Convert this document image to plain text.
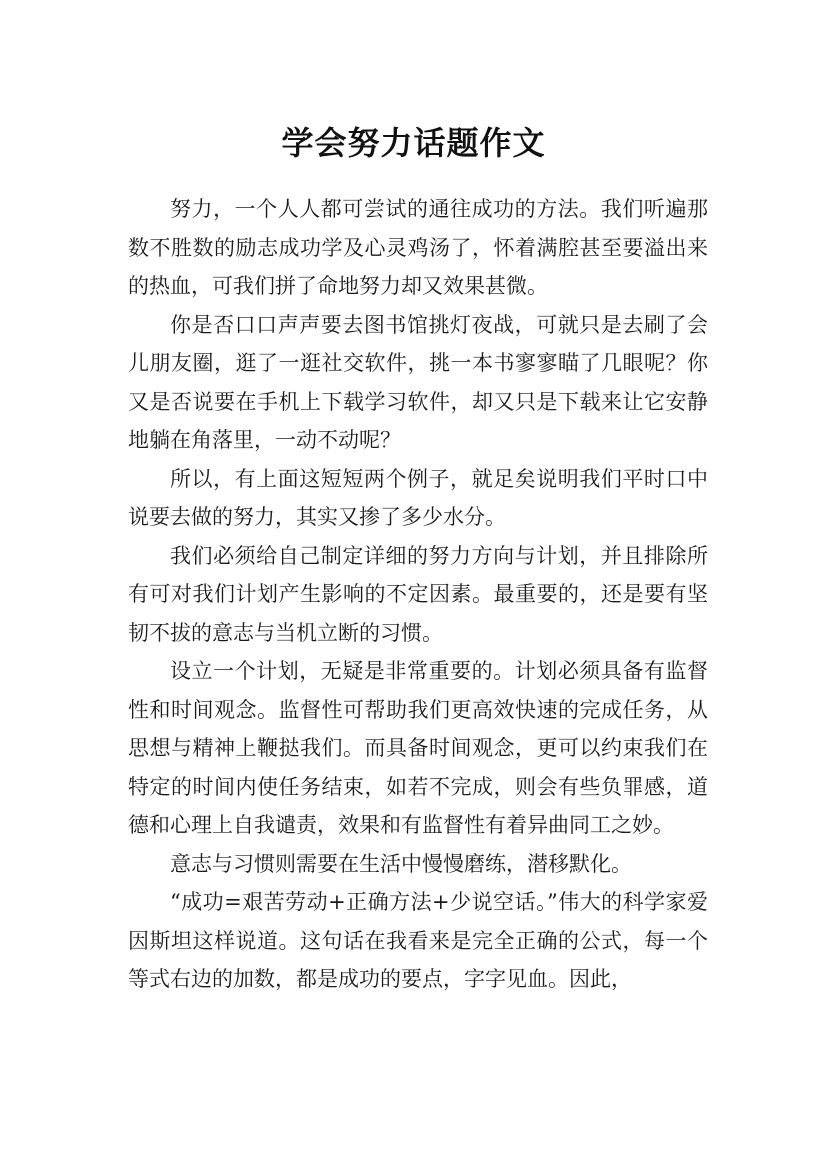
学会努力话题作文

努力，一个人人都可尝试的通往成功的方法。我们听遍那数不胜数的励志成功学及心灵鸡汤了，怀着满腔甚至要溢出来的热血，可我们拼了命地努力却又效果甚微。

你是否口口声声要去图书馆挑灯夜战，可就只是去刷了会儿朋友圈，逛了一逛社交软件，挑一本书寥寥瞄了几眼呢？你又是否说要在手机上下载学习软件，却又只是下载来让它安静地躺在角落里，一动不动呢？

所以，有上面这短短两个例子，就足矣说明我们平时口中说要去做的努力，其实又掺了多少水分。

我们必须给自己制定详细的努力方向与计划，并且排除所有可对我们计划产生影响的不定因素。最重要的，还是要有坚韧不拔的意志与当机立断的习惯。

设立一个计划，无疑是非常重要的。计划必须具备有监督性和时间观念。监督性可帮助我们更高效快速的完成任务，从思想与精神上鞭挞我们。而具备时间观念，更可以约束我们在特定的时间内使任务结束，如若不完成，则会有些负罪感，道德和心理上自我谴责，效果和有监督性有着异曲同工之妙。

意志与习惯则需要在生活中慢慢磨练，潜移默化。

“成功=艰苦劳动+正确方法+少说空话。”伟大的科学家爱因斯坦这样说道。这句话在我看来是完全正确的公式，每一个等式右边的加数，都是成功的要点，字字见血。因此，
